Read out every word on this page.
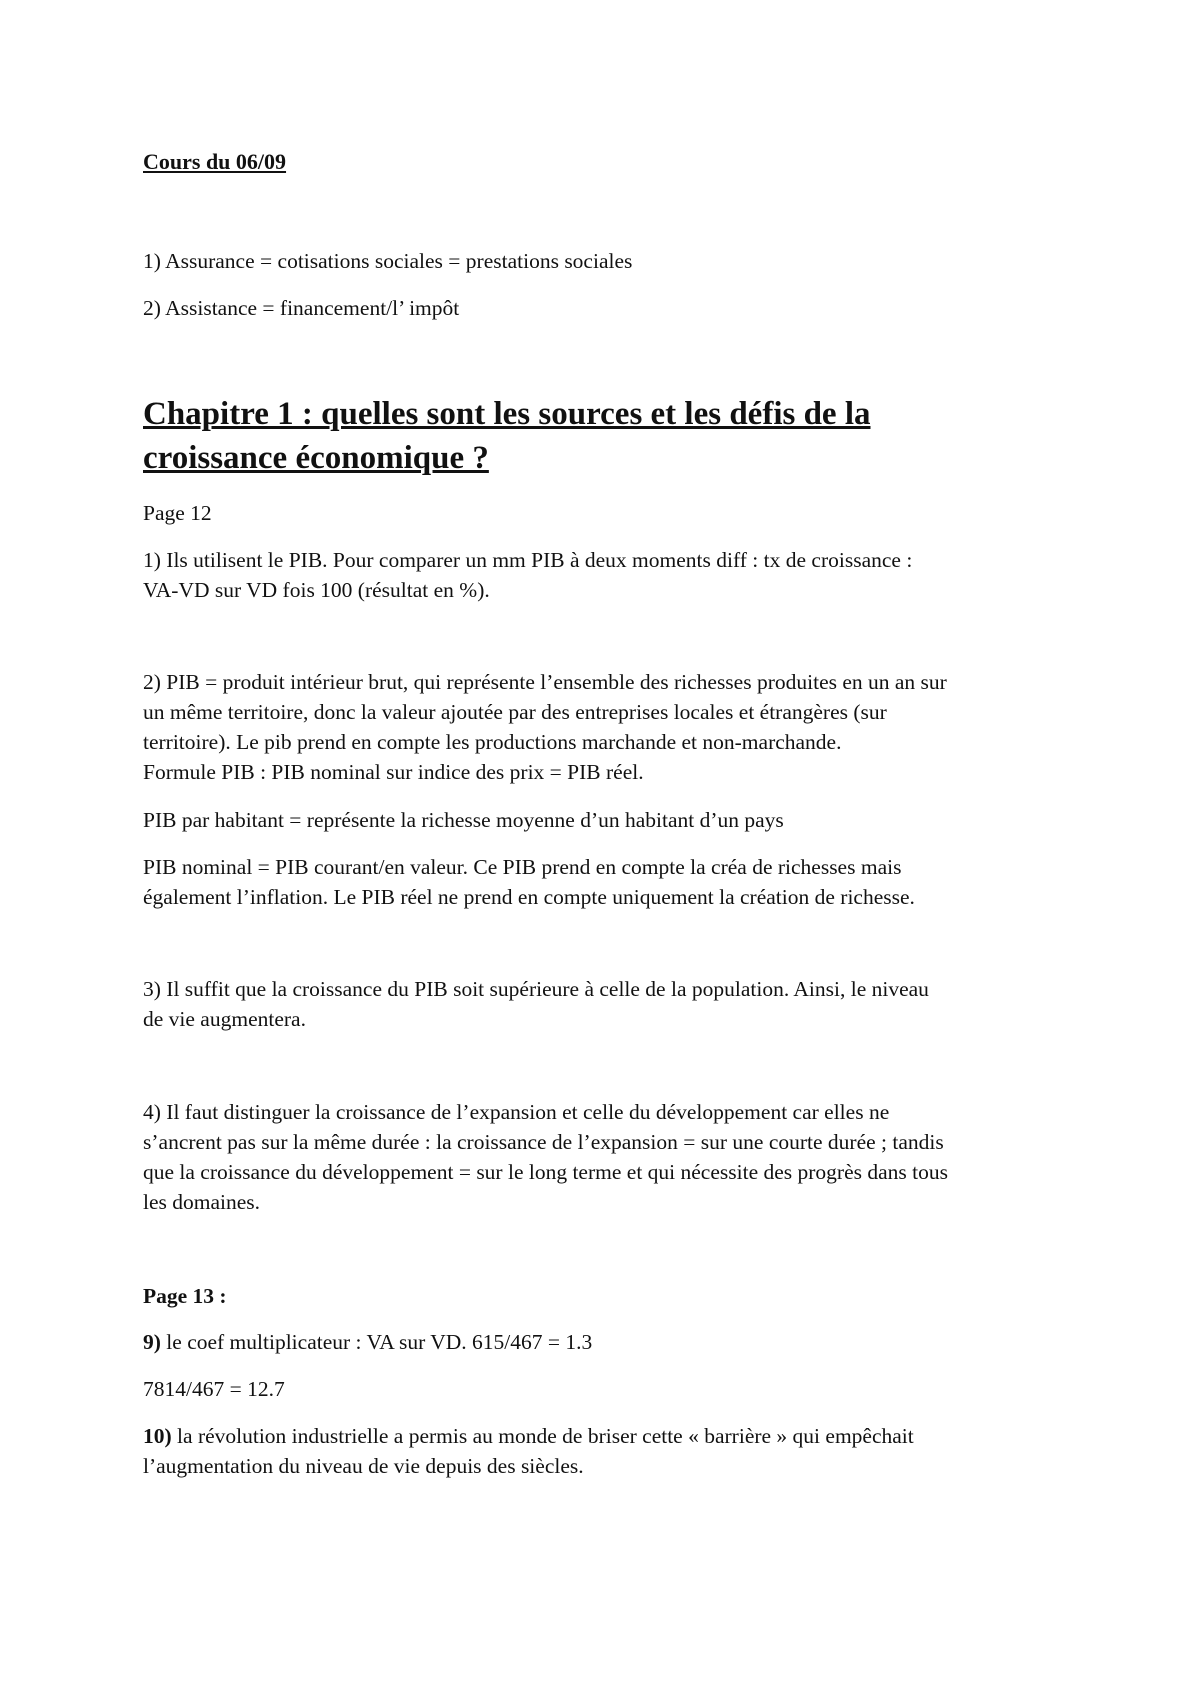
Cours du 06/09

1) Assurance = cotisations sociales = prestations sociales

2) Assistance = financement/l’ impôt

Chapitre 1 : quelles sont les sources et les défis de la

croissance économique ?

Page 12

1) Ils utilisent le PIB. Pour comparer un mm PIB à deux moments diff : tx de croissance :

VA-VD sur VD fois 100 (résultat en %).

2) PIB = produit intérieur brut, qui représente l’ensemble des richesses produites en un an sur

un même territoire, donc la valeur ajoutée par des entreprises locales et étrangères (sur

territoire). Le pib prend en compte les productions marchande et non-marchande.

Formule PIB : PIB nominal sur indice des prix = PIB réel.

PIB par habitant = représente la richesse moyenne d’un habitant d’un pays

PIB nominal = PIB courant/en valeur. Ce PIB prend en compte la créa de richesses mais

également l’inflation. Le PIB réel ne prend en compte uniquement la création de richesse.

3) Il suffit que la croissance du PIB soit supérieure à celle de la population. Ainsi, le niveau

de vie augmentera.

4) Il faut distinguer la croissance de l’expansion et celle du développement car elles ne

s’ancrent pas sur la même durée : la croissance de l’expansion = sur une courte durée ; tandis

que la croissance du développement = sur le long terme et qui nécessite des progrès dans tous

les domaines.

Page 13 :

9) le coef multiplicateur : VA sur VD. 615/467 = 1.3

7814/467 = 12.7

10) la révolution industrielle a permis au monde de briser cette « barrière » qui empêchait

l’augmentation du niveau de vie depuis des siècles.
